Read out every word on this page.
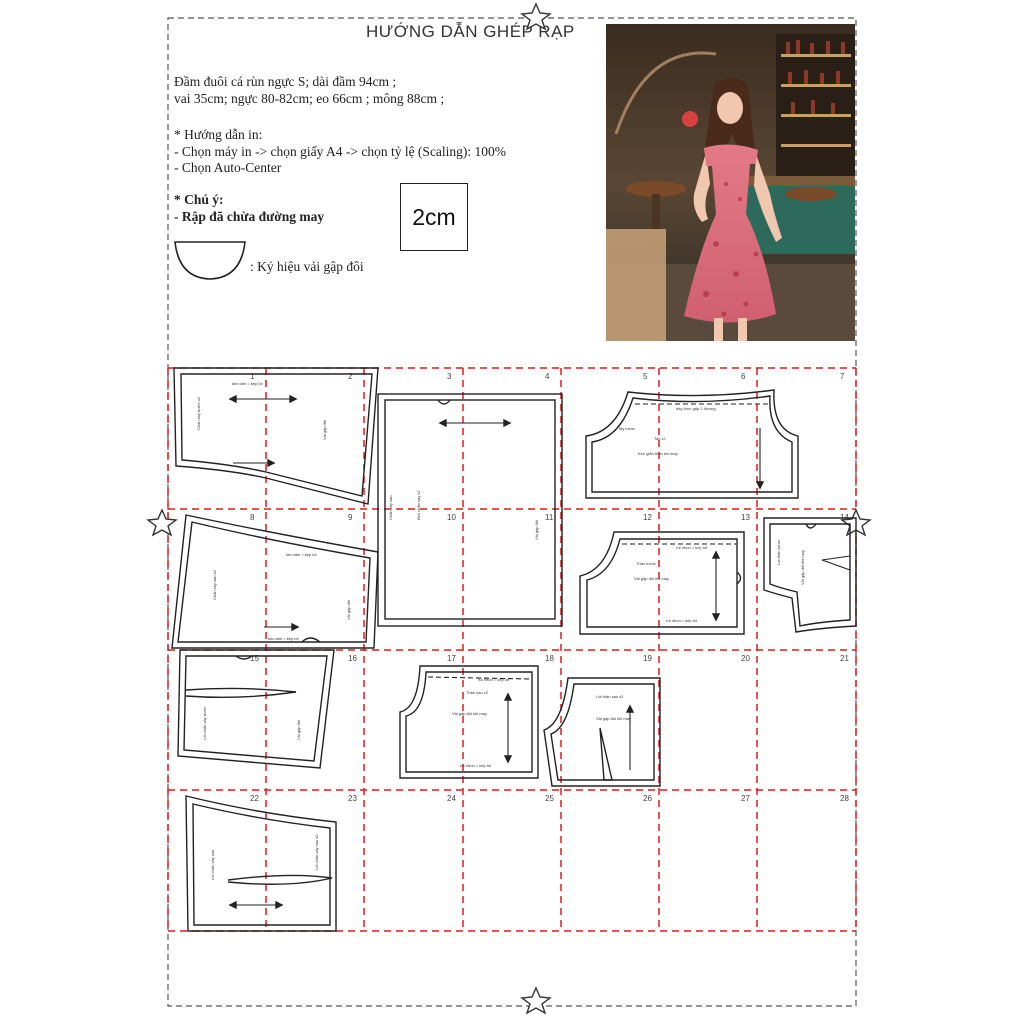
HƯỚNG DẪN GHÉP RẠP
Đầm đuôi cá rùn ngực S; dài đầm 94cm ;
vai 35cm; ngực 80-82cm; eo 66cm ; mông 88cm ;
* Hướng dẫn in:
- Chọn máy in -> chọn giấy A4 -> chọn tỷ lệ (Scaling): 100%
- Chọn Auto-Center
* Chú ý:
- Rập đã chừa đường may
: Ký hiệu vải gập đôi
2cm
1	2	3	4	5	6	7
8	9	10	11	12	13	14
15	16	17	18	19	20	21
22	23	24	25	26	27	28
kéo tấm = kép lót
Chân váy trước x2	Vải gập đôi
Chân váy sau	Bèo chân váy x2
Vải gập đôi
dây thun gấp 2 đường
Tay trước
Tay x2
Kéo giãn thun khi may
kéo tấm = kép lót
Chân váy sau x2
Vải gập đôi
kéo tấm = kép lót
rút nhún = kép lót
Thân trước
Vải gập đôi khi may
rút nhún = kép lót
Lót thân trước	Vải gập đôi khi may
Lót chân váy trước	Vải gập đôi
rút nhún = kép lót
Thân sau x2
Vải gập đôi khi may
rút nhún = kép lót
Lót thân sau x2
Vải gập đôi khi may
Lót chân váy sau	Lót chân váy sau x2
